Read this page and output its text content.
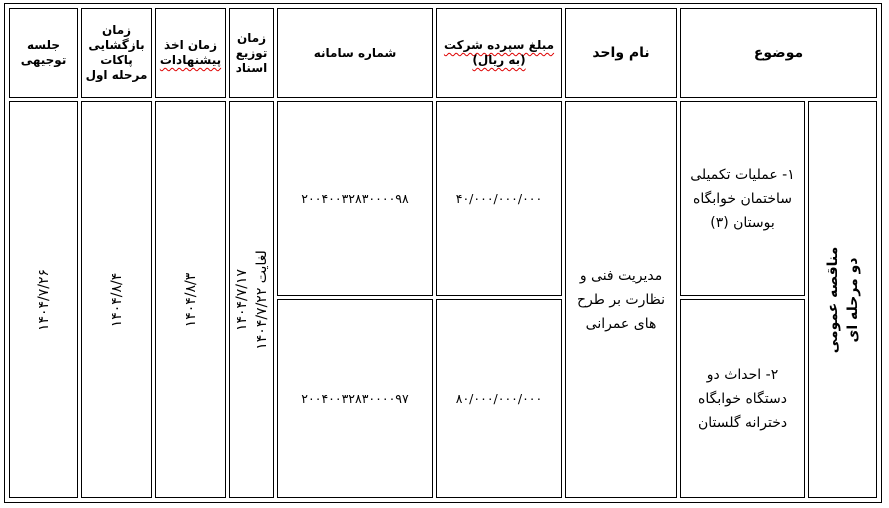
موضوع
نام واحد
مبلغ سپرده شرکت
(به ریال)
شماره سامانه
زمان
توزیع
اسناد
زمان اخذ
پیشنهادات
زمان
بازگشایی
پاکات
مرحله اول
جلسه
توجیهی
مناقصه عمومی دو مرحله ای
۱- عملیات تکمیلی
ساختمان خوابگاه
بوستان (۳)
۲- احداث دو
دستگاه خوابگاه
دخترانه گلستان
مدیریت فنی و
نظارت بر طرح
های عمرانی
۴۰/۰۰۰/۰۰۰/۰۰۰
۸۰/۰۰۰/۰۰۰/۰۰۰
۲۰۰۴۰۰۳۲۸۳۰۰۰۰۹۸
۲۰۰۴۰۰۳۲۸۳۰۰۰۰۹۷
۱۴۰۴/۷/۱۷ لغایت ۱۴۰۴/۷/۲۲
۱۴۰۴/۸/۳
۱۴۰۴/۸/۴
۱۴۰۴/۷/۲۶
